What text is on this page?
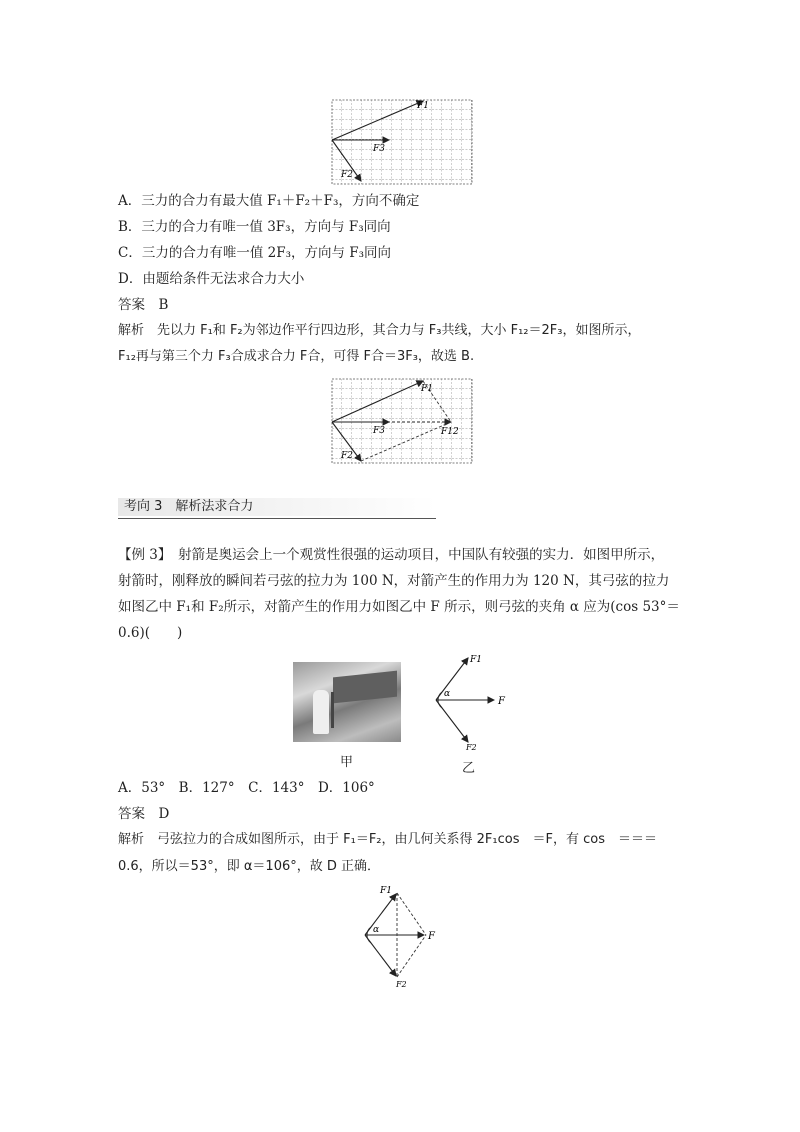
F1
F3
F2
A．三力的合力有最大值 F₁＋F₂＋F₃，方向不确定
B．三力的合力有唯一值 3F₃，方向与 F₃同向
C．三力的合力有唯一值 2F₃，方向与 F₃同向
D．由题给条件无法求合力大小
答案　B
解析　先以力 F₁和 F₂为邻边作平行四边形，其合力与 F₃共线，大小 F₁₂＝2F₃，如图所示，
F₁₂再与第三个力 F₃合成求合力 F合，可得 F合＝3F₃，故选 B.
F1
F3	F12
F2
考向 3　解析法求合力
【例 3】　射箭是奥运会上一个观赏性很强的运动项目，中国队有较强的实力．如图甲所示，
射箭时，刚释放的瞬间若弓弦的拉力为 100 N，对箭产生的作用力为 120 N，其弓弦的拉力
如图乙中 F₁和 F₂所示，对箭产生的作用力如图乙中 F 所示，则弓弦的夹角 α 应为(cos 53°＝
0.6)(　　)
甲
α
F1
F
F2
乙
A．53°　B．127°　C．143°　D．106°
答案　D
解析　弓弦拉力的合成如图所示，由于 F₁＝F₂，由几何关系得 2F₁cos　＝F，有 cos　＝＝＝
0.6，所以＝53°，即 α＝106°，故 D 正确．
α
F1
F
F2
